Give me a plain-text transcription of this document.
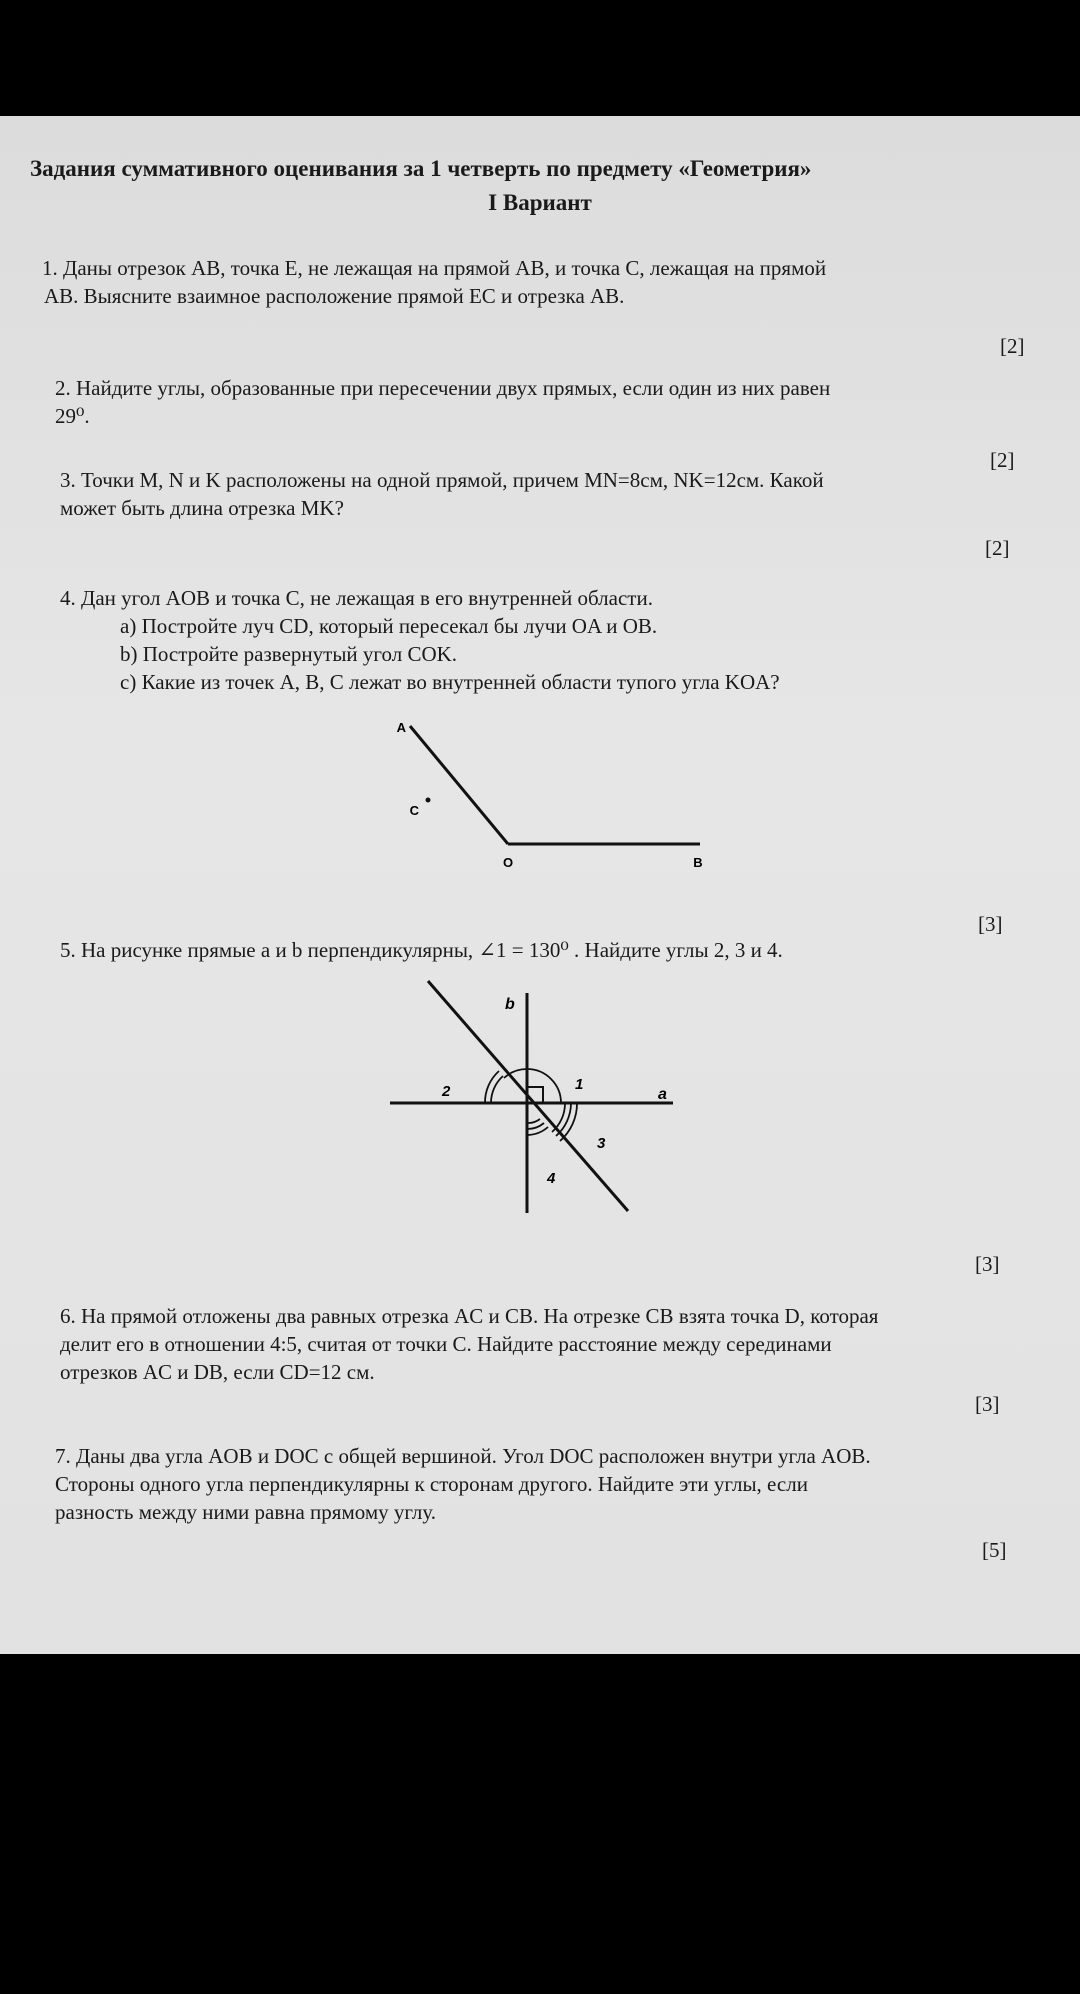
Задания суммативного оценивания за 1 четверть по предмету «Геометрия»
I Вариант
1. Даны отрезок AB, точка E, не лежащая на прямой AB, и точка C, лежащая на прямой
AB. Выясните взаимное расположение прямой EC и отрезка AB.
[2]
2. Найдите углы, образованные при пересечении двух прямых, если один из них равен
29⁰.
[2]
3. Точки M, N и K расположены на одной прямой, причем MN=8см, NK=12см. Какой
может быть длина отрезка MK?
[2]
4. Дан угол AOB и точка C, не лежащая в его внутренней области.
a) Постройте луч CD, который пересекал бы лучи OA и OB.
b) Постройте развернутый угол COK.
c) Какие из точек A, B, C лежат во внутренней области тупого угла KOA?
A
C
O	B
[3]
5. На рисунке прямые a и b перпендикулярны, ∠1 = 130⁰ . Найдите углы 2, 3 и 4.
b
a
1
2
3
4
[3]
6. На прямой отложены два равных отрезка AC и CB. На отрезке CB взята точка D, которая
делит его в отношении 4:5, считая от точки C. Найдите расстояние между серединами
отрезков AC и DB, если CD=12 см.
[3]
7. Даны два угла AOB и DOC с общей вершиной. Угол DOC расположен внутри угла AOB.
Стороны одного угла перпендикулярны к сторонам другого. Найдите эти углы, если
разность между ними равна прямому углу.
[5]
